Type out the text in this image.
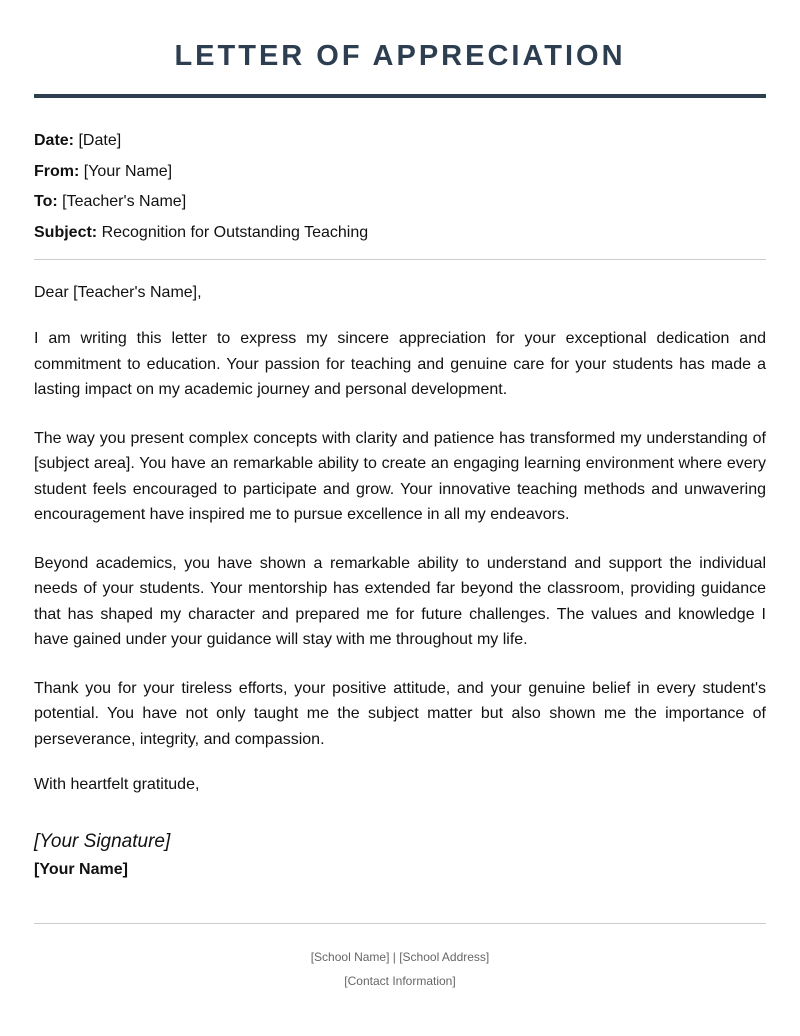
LETTER OF APPRECIATION
Date: [Date]
From: [Your Name]
To: [Teacher's Name]
Subject: Recognition for Outstanding Teaching
Dear [Teacher's Name],

I am writing this letter to express my sincere appreciation for your exceptional dedication and commitment to education. Your passion for teaching and genuine care for your students has made a lasting impact on my academic journey and personal development.

The way you present complex concepts with clarity and patience has transformed my understanding of [subject area]. You have an remarkable ability to create an engaging learning environment where every student feels encouraged to participate and grow. Your innovative teaching methods and unwavering encouragement have inspired me to pursue excellence in all my endeavors.

Beyond academics, you have shown a remarkable ability to understand and support the individual needs of your students. Your mentorship has extended far beyond the classroom, providing guidance that has shaped my character and prepared me for future challenges. The values and knowledge I have gained under your guidance will stay with me throughout my life.

Thank you for your tireless efforts, your positive attitude, and your genuine belief in every student's potential. You have not only taught me the subject matter but also shown me the importance of perseverance, integrity, and compassion.

With heartfelt gratitude,
[Your Signature]
[Your Name]
[School Name] | [School Address]
[Contact Information]
